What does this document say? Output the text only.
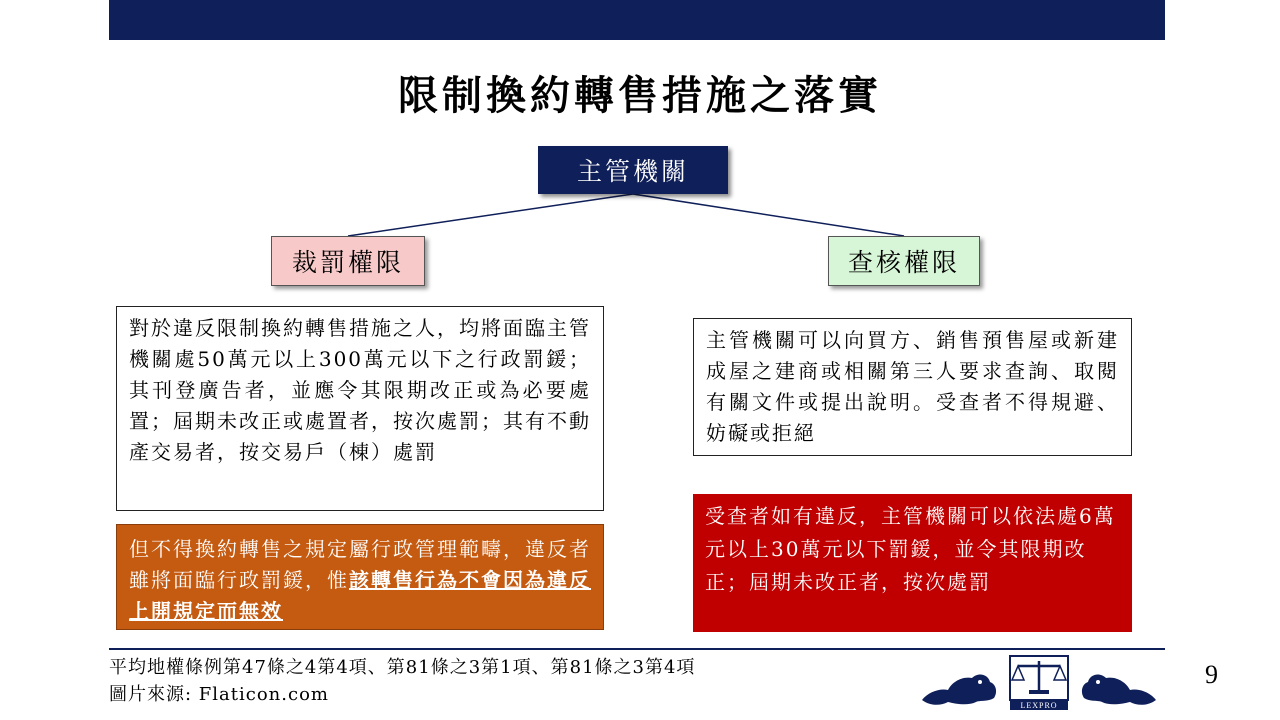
限制換約轉售措施之落實
主管機關
裁罰權限	查核權限
對於違反限制換約轉售措施之人，均將面臨主管機關處50萬元以上300萬元以下之行政罰鍰；其刊登廣告者，並應令其限期改正或為必要處置；屆期未改正或處置者，按次處罰；其有不動產交易者，按交易戶（棟）處罰
但不得換約轉售之規定屬行政管理範疇，違反者雖將面臨行政罰鍰，惟該轉售行為不會因為違反上開規定而無效
主管機關可以向買方、銷售預售屋或新建成屋之建商或相關第三人要求查詢、取閱有關文件或提出說明。受查者不得規避、妨礙或拒絕
受查者如有違反，主管機關可以依法處6萬元以上30萬元以下罰鍰，並令其限期改正；屆期未改正者，按次處罰
平均地權條例第47條之4第4項、第81條之3第1項、第81條之3第4項
圖片來源: Flaticon.com
LEXPRO
9
